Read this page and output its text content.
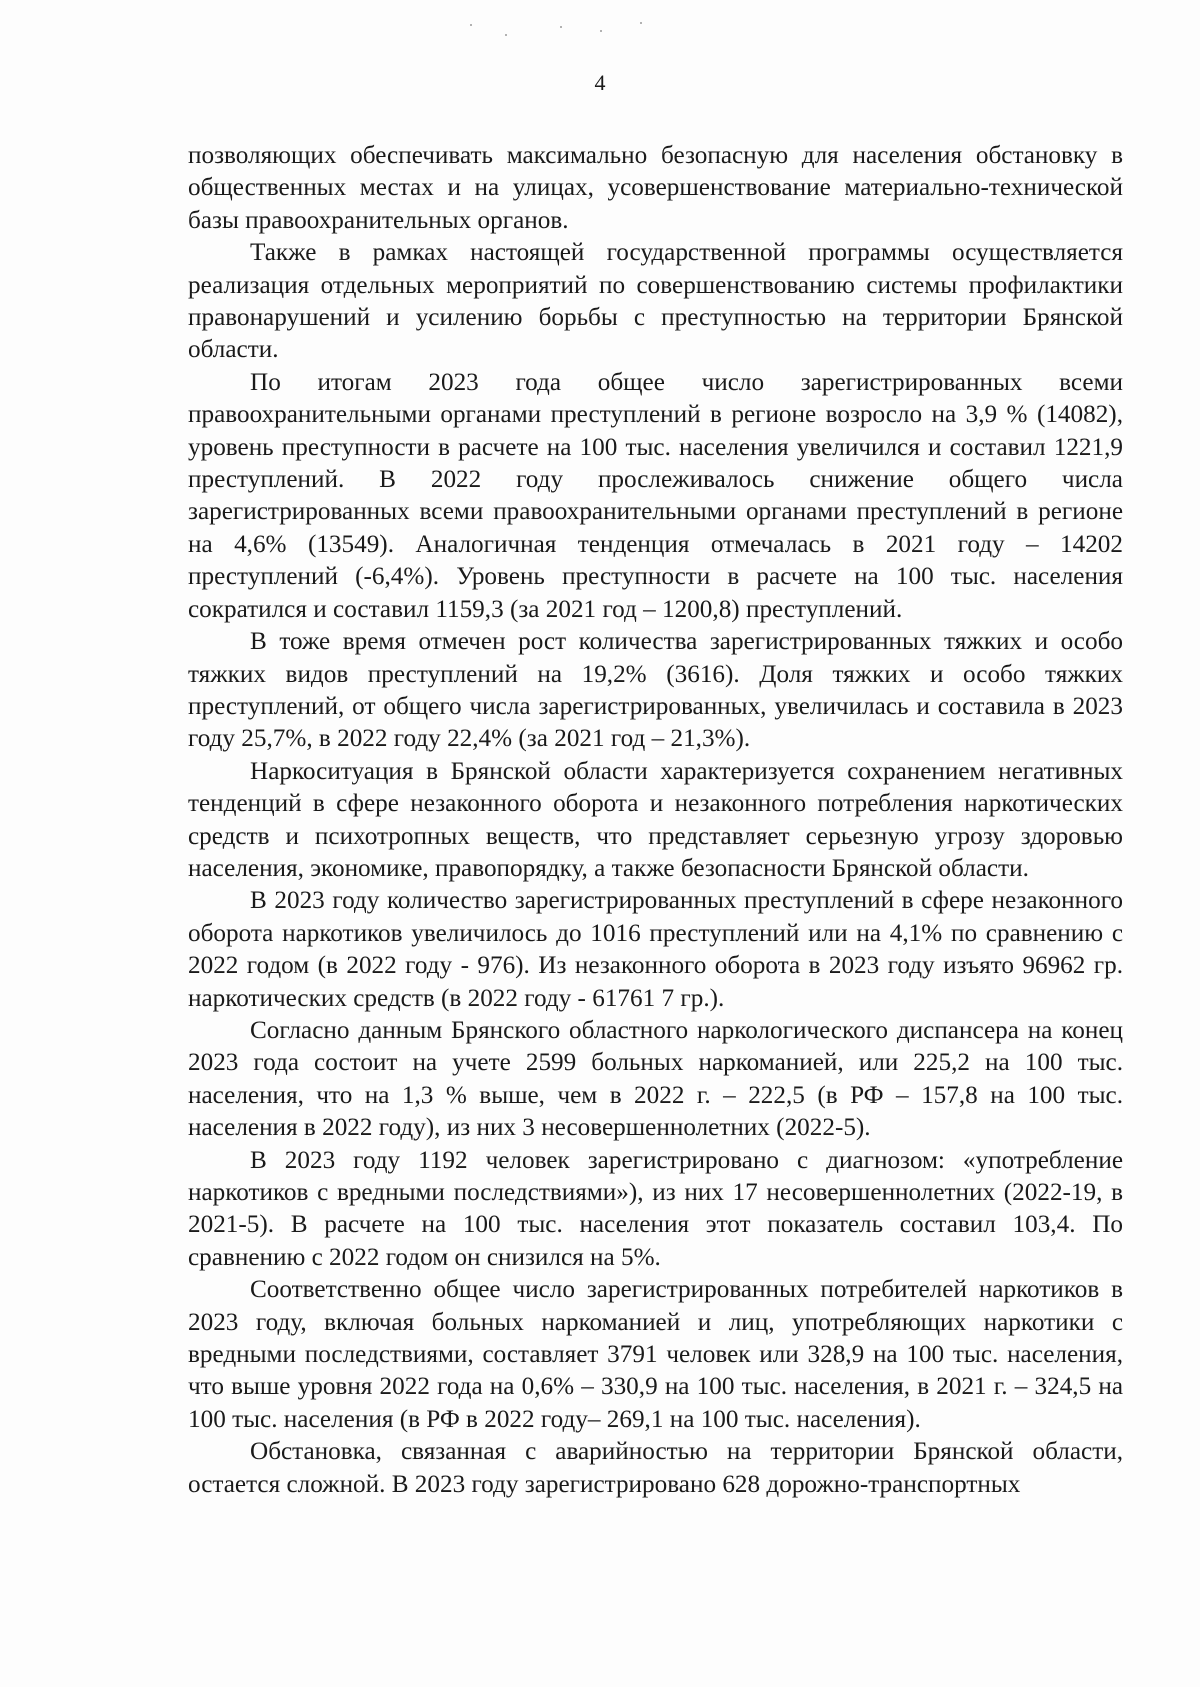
4

позволяющих обеспечивать максимально безопасную для населения обстановку в общественных местах и на улицах, усовершенствование материально-технической базы правоохранительных органов.

Также в рамках настоящей государственной программы осуществляется реализация отдельных мероприятий по совершенствованию системы профилактики правонарушений и усилению борьбы с преступностью на территории Брянской области.

По итогам 2023 года общее число зарегистрированных всеми правоохранительными органами преступлений в регионе возросло на 3,9 % (14082), уровень преступности в расчете на 100 тыс. населения увеличился и составил 1221,9 преступлений. В 2022 году прослеживалось снижение общего числа зарегистрированных всеми правоохранительными органами преступлений в регионе на 4,6% (13549). Аналогичная тенденция отмечалась в 2021 году – 14202 преступлений (-6,4%). Уровень преступности в расчете на 100 тыс. населения сократился и составил 1159,3 (за 2021 год – 1200,8) преступлений.

В тоже время отмечен рост количества зарегистрированных тяжких и особо тяжких видов преступлений на 19,2% (3616). Доля тяжких и особо тяжких преступлений, от общего числа зарегистрированных, увеличилась и составила в 2023 году 25,7%, в 2022 году 22,4% (за 2021 год – 21,3%).

Наркоситуация в Брянской области характеризуется сохранением негативных тенденций в сфере незаконного оборота и незаконного потребления наркотических средств и психотропных веществ, что представляет серьезную угрозу здоровью населения, экономике, правопорядку, а также безопасности Брянской области.

В 2023 году количество зарегистрированных преступлений в сфере незаконного оборота наркотиков увеличилось до 1016 преступлений или на 4,1% по сравнению с 2022 годом (в 2022 году - 976). Из незаконного оборота в 2023 году изъято 96962 гр. наркотических средств (в 2022 году - 61761 7 гр.).

Согласно данным Брянского областного наркологического диспансера на конец 2023 года состоит на учете 2599 больных наркоманией, или 225,2 на 100 тыс. населения, что на 1,3 % выше, чем в 2022 г. – 222,5 (в РФ – 157,8 на 100 тыс. населения в 2022 году), из них 3 несовершеннолетних (2022-5).

В 2023 году 1192 человек зарегистрировано с диагнозом: «употребление наркотиков с вредными последствиями»), из них 17 несовершеннолетних (2022-19, в 2021-5). В расчете на 100 тыс. населения этот показатель составил 103,4. По сравнению с 2022 годом он снизился на 5%.

Соответственно общее число зарегистрированных потребителей наркотиков в 2023 году, включая больных наркоманией и лиц, употребляющих наркотики с вредными последствиями, составляет 3791 человек или 328,9 на 100 тыс. населения, что выше уровня 2022 года на 0,6% – 330,9 на 100 тыс. населения, в 2021 г. – 324,5 на 100 тыс. населения (в РФ в 2022 году– 269,1 на 100 тыс. населения).

Обстановка, связанная с аварийностью на территории Брянской области, остается сложной. В 2023 году зарегистрировано 628 дорожно-транспортных
